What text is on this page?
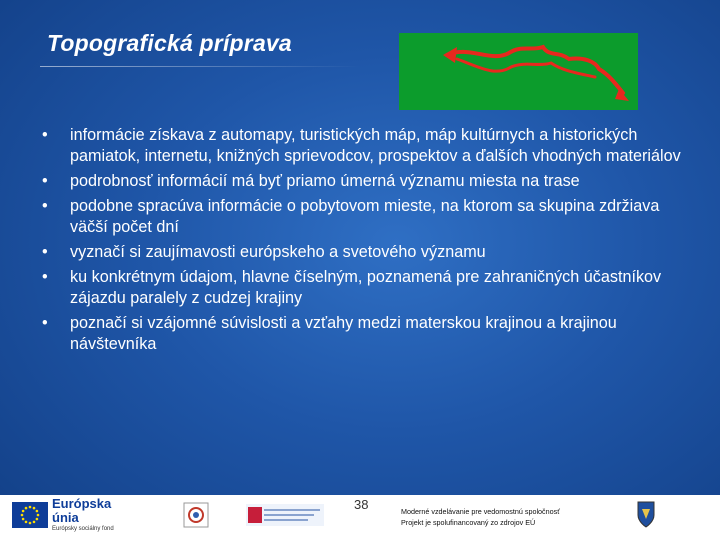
Topografická príprava
• informácie získava z automapy, turistických máp, máp kultúrnych a historických pamiatok, internetu, knižných sprievodcov, prospektov a ďalších vhodných materiálov
• podrobnosť informácií má byť priamo úmerná významu miesta na trase
• podobne spracúva informácie o pobytovom mieste, na ktorom sa skupina zdržiava väčší počet dní
• vyznačí si zaujímavosti európskeho a svetového významu
• ku konkrétnym údajom, hlavne číselným, poznamená pre zahraničných účastníkov zájazdu paralely z cudzej krajiny
• poznačí si vzájomné súvislosti a vzťahy medzi materskou krajinou a krajinou návštevníka
Európska únia
Európsky sociálny fond
38	Moderné vzdelávanie pre vedomostnú spoločnosť
Projekt je spolufinancovaný zo zdrojov EÚ
